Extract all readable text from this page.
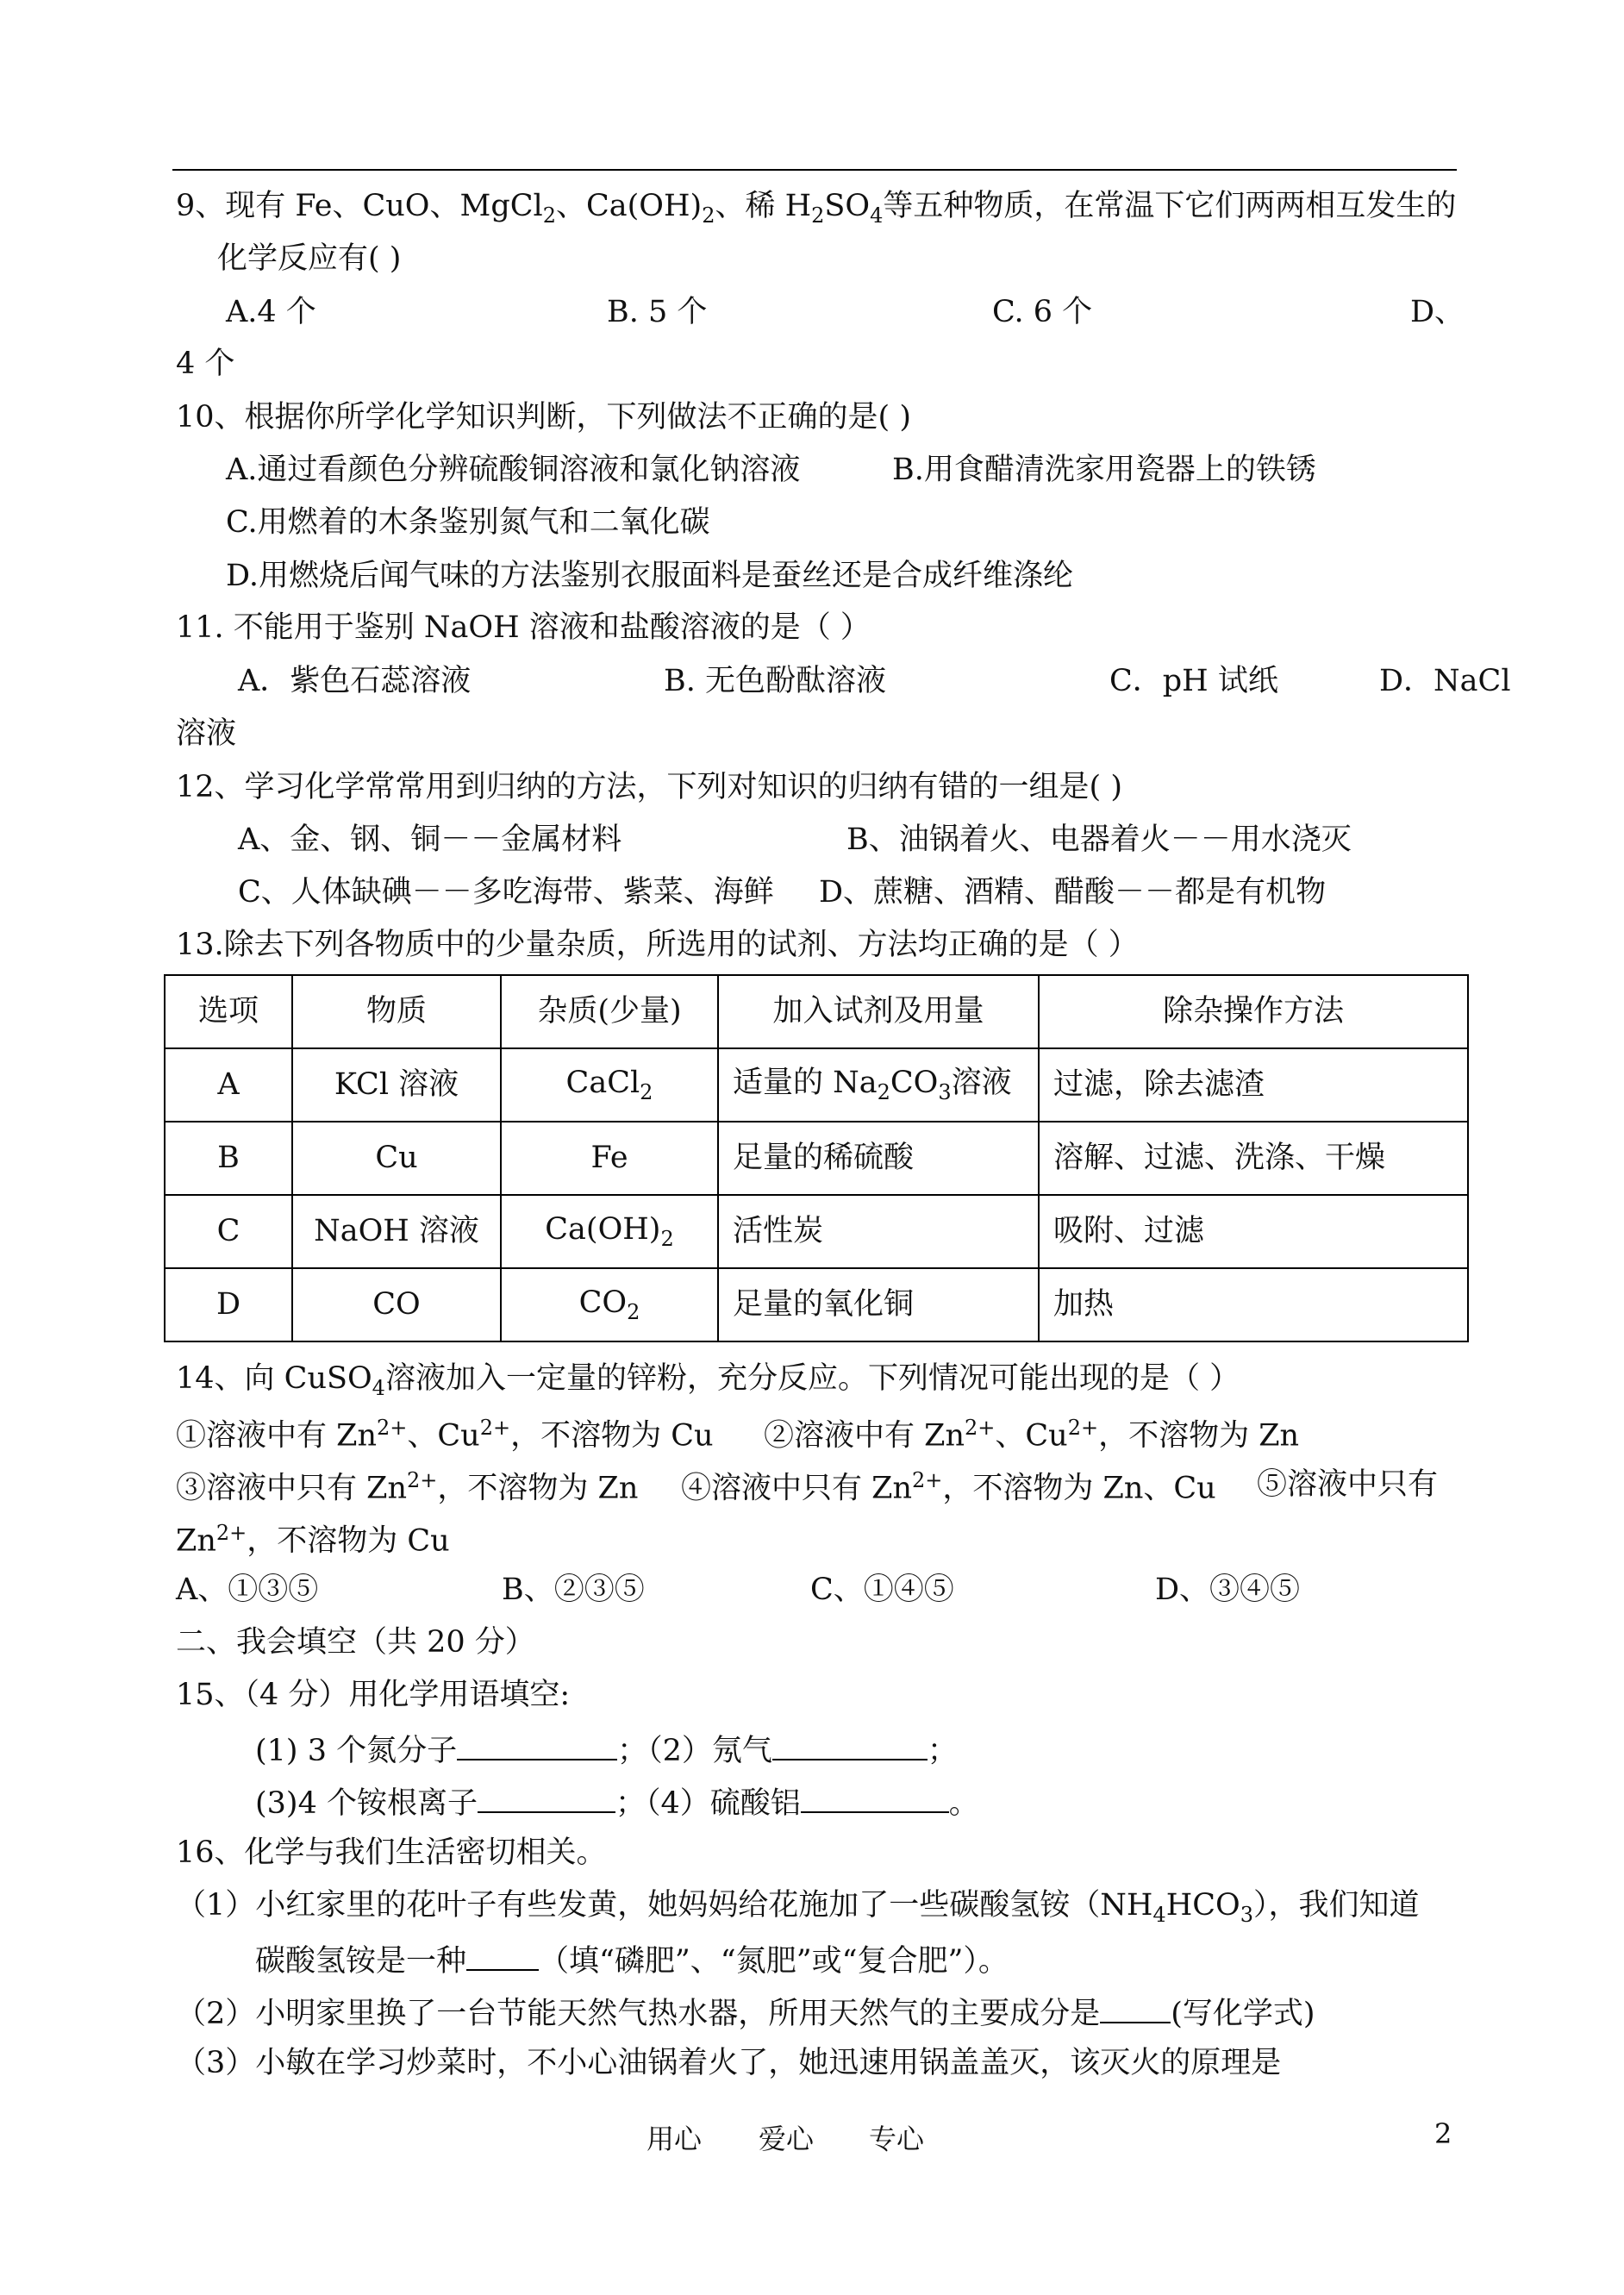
9、现有 Fe、CuO、MgCl$_2$、$Ca(OH)_2$、稀 $H_2SO_4$等五种物质，在常温下它们两两相互发生的
化学反应有( )
A.4 个	B. 5 个	C. 6 个	D、
4 个
10、根据你所学化学知识判断，下列做法不正确的是( )
A.通过看颜色分辨硫酸铜溶液和氯化钠溶液	B.用食醋清洗家用瓷器上的铁锈
C.用燃着的木条鉴别氮气和二氧化碳
D.用燃烧后闻气味的方法鉴别衣服面料是蚕丝还是合成纤维涤纶
11. 不能用于鉴别 NaOH 溶液和盐酸溶液的是（ ）
A．紫色石蕊溶液	B. 无色酚酞溶液	C．pH 试纸	D．NaCl
溶液
12、学习化学常常用到归纳的方法，下列对知识的归纳有错的一组是( )
A、金、钢、铜－－金属材料	B、油锅着火、电器着火－－用水浇灭
C、人体缺碘－－多吃海带、紫菜、海鲜 D、蔗糖、酒精、醋酸－－都是有机物
13.除去下列各物质中的少量杂质，所选用的试剂、方法均正确的是（ ）
选项	物质	杂质(少量)	加入试剂及用量	除杂操作方法
A	KCl 溶液	CaCl$_2$	适量的 $Na_2CO_3$溶液	过滤，除去滤渣
B	Cu	Fe	足量的稀硫酸	溶解、过滤、洗涤、干燥
C	NaOH 溶液	$Ca(OH)_2$	活性炭	吸附、过滤
D	CO	$CO_2$	足量的氧化铜	加热
14、向 CuSO$_4$溶液加入一定量的锌粉，充分反应。下列情况可能出现的是（ ）
①溶液中有 $Zn^{2+}$、$Cu^{2+}$，不溶物为 Cu ②溶液中有 $Zn^{2+}$、$Cu^{2+}$，不溶物为 Zn
③溶液中只有 $Zn^{2+}$，不溶物为 Zn ④溶液中只有 $Zn^{2+}$，不溶物为 Zn、Cu ⑤溶液中只有
$Zn^{2+}$，不溶物为 Cu
A、①③⑤	B、②③⑤	C、①④⑤	D、③④⑤
二、我会填空（共 20 分）
15、（4 分）用化学用语填空:
(1) 3 个氮分子	；（2）氖气	；
(3)4 个铵根离子	；（4）硫酸铝	。
16、化学与我们生活密切相关。
（1）小红家里的花叶子有些发黄，她妈妈给花施加了一些碳酸氢铵$(NH_4HCO_3)$，我们知道
碳酸氢铵是一种 （填“磷肥”、“氮肥”或“复合肥”）。
（2）小明家里换了一台节能天然气热水器，所用天然气的主要成分是 (写化学式)
（3）小敏在学习炒菜时，不小心油锅着火了，她迅速用锅盖盖灭，该灭火的原理是
用心 爱心 专心	2
